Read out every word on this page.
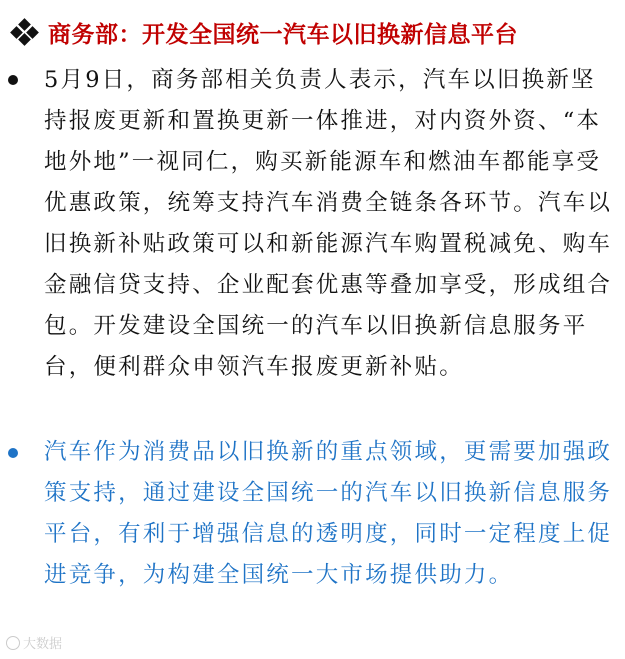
商务部：开发全国统一汽车以旧换新信息平台
5月9日，商务部相关负责人表示，汽车以旧换新坚持报废更新和置换更新一体推进，对内资外资、“本地外地”一视同仁，购买新能源车和燃油车都能享受优惠政策，统筹支持汽车消费全链条各环节。汽车以旧换新补贴政策可以和新能源汽车购置税减免、购车金融信贷支持、企业配套优惠等叠加享受，形成组合包。开发建设全国统一的汽车以旧换新信息服务平台，便利群众申领汽车报废更新补贴。
汽车作为消费品以旧换新的重点领域，更需要加强政策支持，通过建设全国统一的汽车以旧换新信息服务平台，有利于增强信息的透明度，同时一定程度上促进竞争，为构建全国统一大市场提供助力。
大数据
